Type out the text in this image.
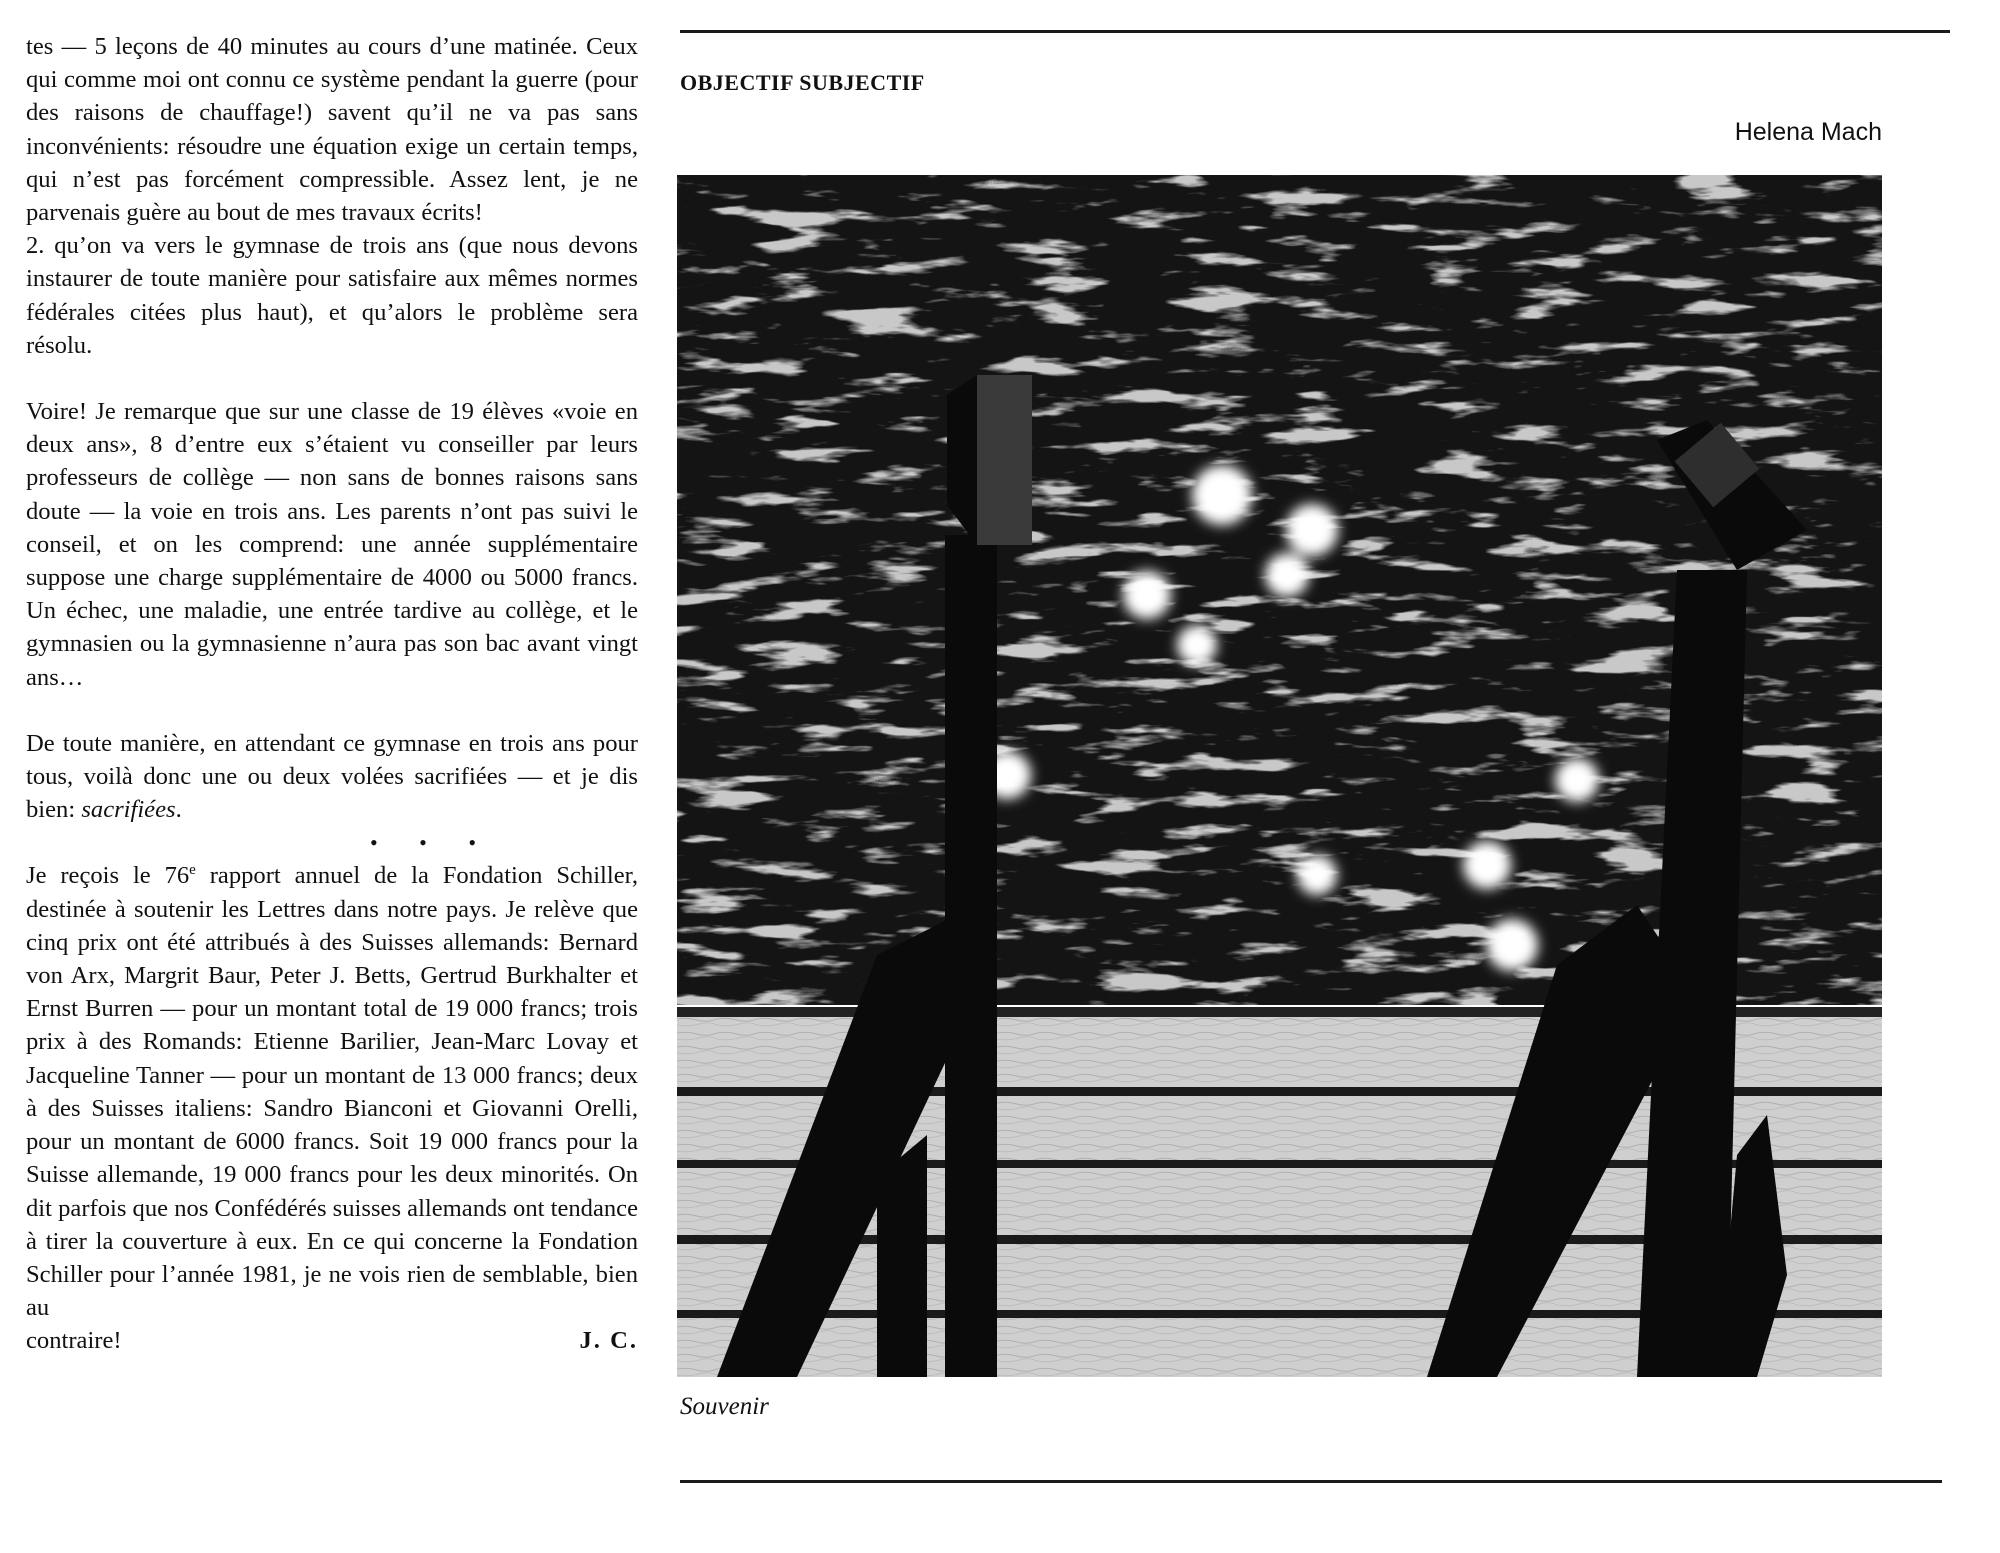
tes — 5 leçons de 40 minutes au cours d’une matinée. Ceux qui comme moi ont connu ce système pendant la guerre (pour des raisons de chauffage!) savent qu’il ne va pas sans inconvénients: résoudre une équation exige un certain temps, qui n’est pas forcément compressible. Assez lent, je ne parvenais guère au bout de mes travaux écrits!

2. qu’on va vers le gymnase de trois ans (que nous devons instaurer de toute manière pour satisfaire aux mêmes normes fédérales citées plus haut), et qu’alors le problème sera résolu.

Voire! Je remarque que sur une classe de 19 élèves «voie en deux ans», 8 d’entre eux s’étaient vu conseiller par leurs professeurs de collège — non sans de bonnes raisons sans doute — la voie en trois ans. Les parents n’ont pas suivi le conseil, et on les comprend: une année supplémentaire suppose une charge supplémentaire de 4000 ou 5000 francs. Un échec, une maladie, une entrée tardive au collège, et le gymnasien ou la gymnasienne n’aura pas son bac avant vingt ans…

De toute manière, en attendant ce gymnase en trois ans pour tous, voilà donc une ou deux volées sacrifiées — et je dis bien: sacrifiées.

• • •

Je reçois le 76e rapport annuel de la Fondation Schiller, destinée à soutenir les Lettres dans notre pays. Je relève que cinq prix ont été attribués à des Suisses allemands: Bernard von Arx, Margrit Baur, Peter J. Betts, Gertrud Burkhalter et Ernst Burren — pour un montant total de 19 000 francs; trois prix à des Romands: Etienne Barilier, Jean-Marc Lovay et Jacqueline Tanner — pour un montant de 13 000 francs; deux à des Suisses italiens: Sandro Bianconi et Giovanni Orelli, pour un montant de 6000 francs. Soit 19 000 francs pour la Suisse allemande, 19 000 francs pour les deux minorités. On dit parfois que nos Confédérés suisses allemands ont tendance à tirer la couverture à eux. En ce qui concerne la Fondation Schiller pour l’année 1981, je ne vois rien de semblable, bien au

contraire!	J. C.
OBJECTIF SUBJECTIF
Helena Mach
Souvenir
